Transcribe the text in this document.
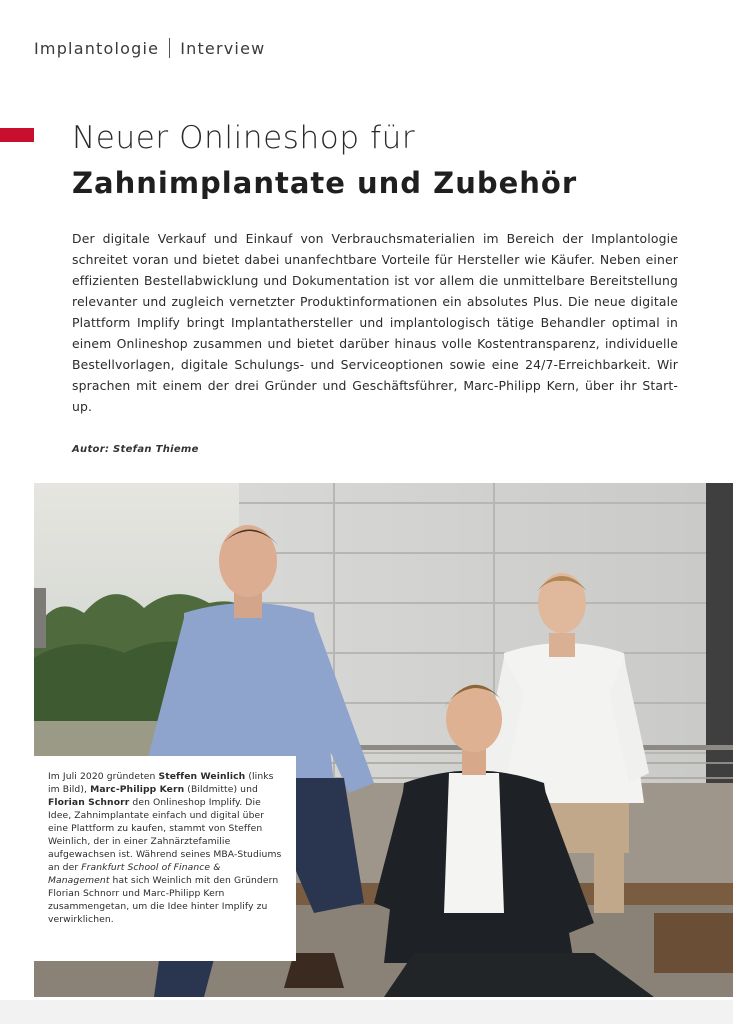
Implantologie Interview
Neuer Onlineshop für
Zahnimplantate und Zubehör

Der digitale Verkauf und Einkauf von Verbrauchsmaterialien im Bereich der Implantologie schreitet voran und bietet dabei unanfechtbare Vorteile für Hersteller wie Käufer. Neben einer effizienten Bestellabwicklung und Dokumentation ist vor allem die unmittelbare Bereitstellung relevanter und zugleich vernetzter Produktinformationen ein absolutes Plus. Die neue digitale Plattform Implify bringt Implantathersteller und implantologisch tätige Behandler optimal in einem Onlineshop zusammen und bietet darüber hinaus volle Kostentransparenz, individuelle Bestellvorlagen, digitale Schulungs- und Serviceoptionen sowie eine 24/7-Erreichbarkeit. Wir sprachen mit einem der drei Gründer und Geschäftsführer, Marc-Philipp Kern, über ihr Start-up.

Autor: Stefan Thieme

Im Juli 2020 gründeten Steffen Weinlich (links im Bild), Marc-Philipp Kern (Bildmitte) und Florian Schnorr den Onlineshop Implify. Die Idee, Zahnimplantate einfach und digital über eine Plattform zu kaufen, stammt von Steffen Weinlich, der in einer Zahnärztefamilie aufgewachsen ist. Während seines MBA-Studiums an der Frankfurt School of Finance & Management hat sich Weinlich mit den Gründern Florian Schnorr und Marc-Philipp Kern zusammengetan, um die Idee hinter Implify zu verwirklichen.
